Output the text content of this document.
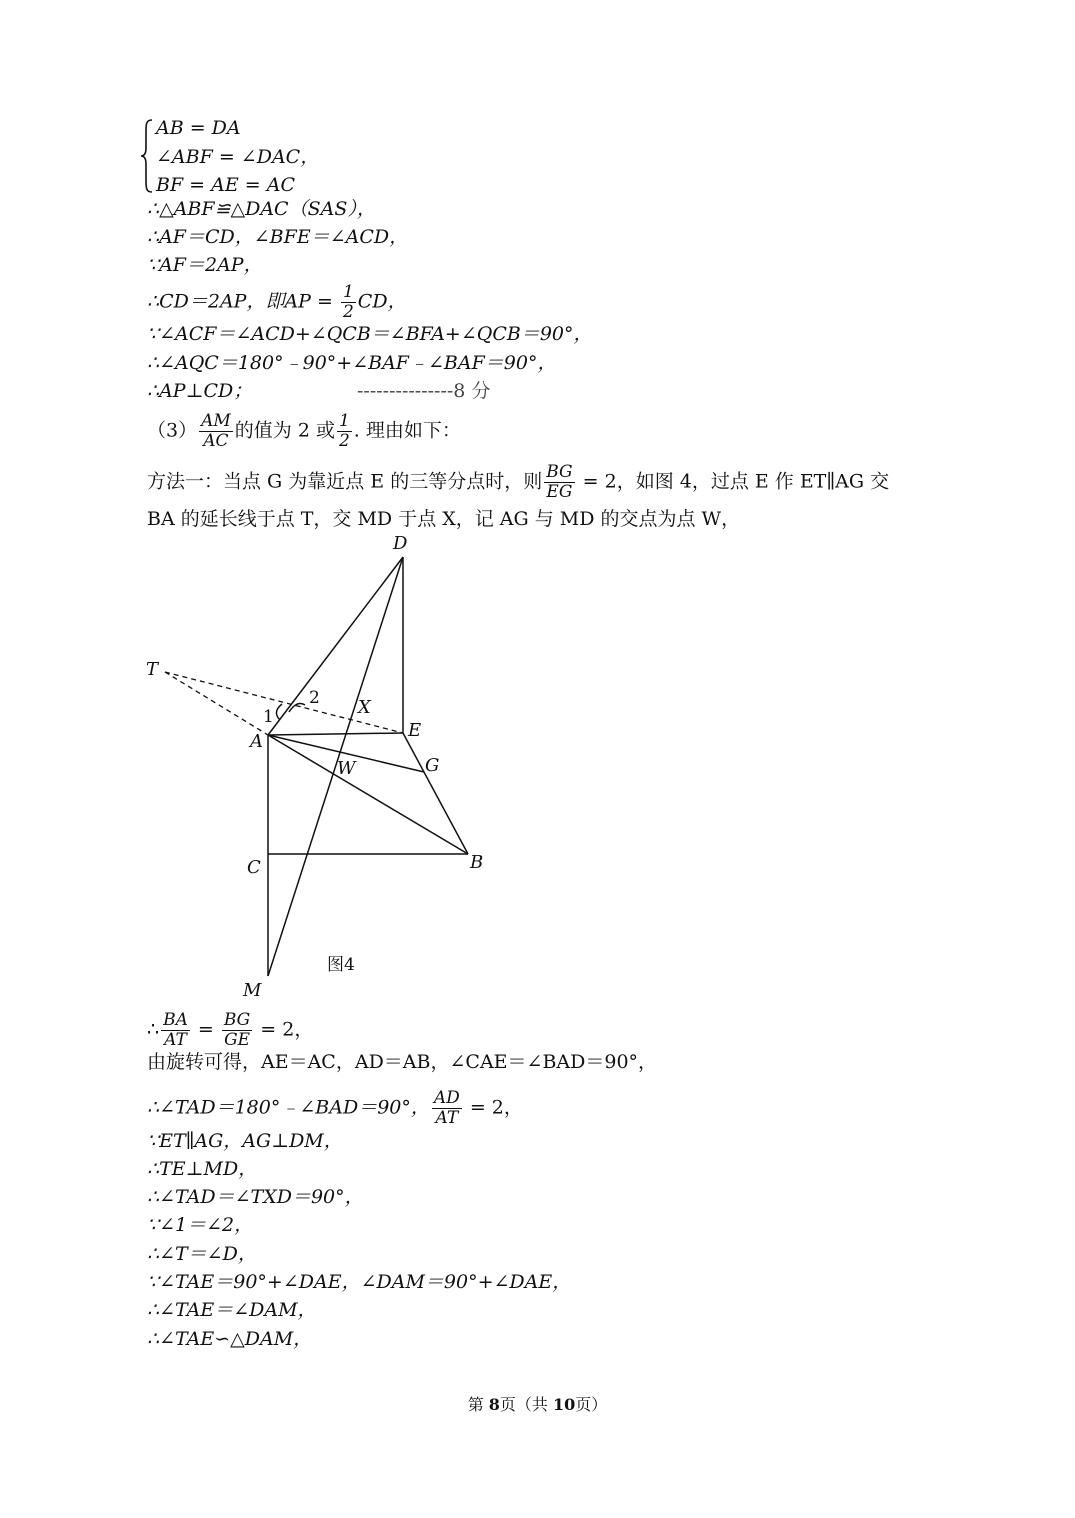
AB = DA
∠ABF = ∠DAC，
BF = AE = AC
∴△ABF≌△DAC（SAS），
∴AF＝CD，∠BFE＝∠ACD，
∵AF＝2AP，
∴CD＝2AP，即AP = $\frac{1}{2}$ CD，
∵∠ACF＝∠ACD+∠QCB＝∠BFA+∠QCB＝90°，
∴∠AQC＝180°﹣90°+∠BAF﹣∠BAF＝90°，
∴AP⊥CD；	---------------8 分
$(3) \frac{AM}{AC}$ 的值为 2 或 $\frac{1}{2}$ . 理由如下：
方法一：当点 G 为靠近点 E 的三等分点时，则 $\frac{BG}{EG} = 2$，如图 4，过点 E 作 ET∥AG 交
BA 的延长线于点 T，交 MD 于点 X，记 AG 与 MD 的交点为点 W，
D
T
A
E
G
W
X
C	B
M
1
2
图4
∴ $\frac{BA}{AT} = \frac{BG}{GE} = 2$，
由旋转可得，AE＝AC，AD＝AB，∠CAE＝∠BAD＝90°，
∴∠TAD＝180°﹣∠BAD＝90°， $\frac{AD}{AT} = 2$，
∵ET∥AG，AG⊥DM，
∴TE⊥MD，
∴∠TAD＝∠TXD＝90°，
∵∠1＝∠2，
∴∠T＝∠D，
∵∠TAE＝90°+∠DAE，∠DAM＝90°+∠DAE，
∴∠TAE＝∠DAM，
∴∠TAE∽△DAM，
第 8页（共 10页）
